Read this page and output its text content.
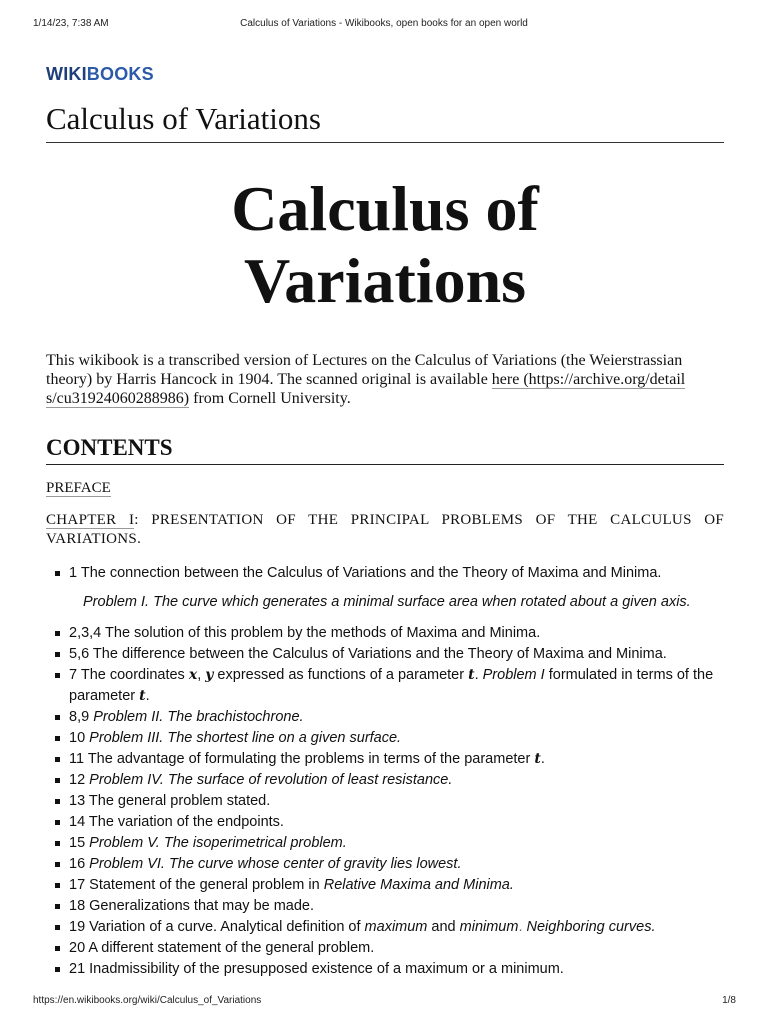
1/14/23, 7:38 AM	Calculus of Variations - Wikibooks, open books for an open world
WIKIBOOKS
Calculus of Variations
Calculus of
Variations

This wikibook is a transcribed version of Lectures on the Calculus of Variations (the Weierstrassian theory) by Harris Hancock in 1904. The scanned original is available here (https://archive.org/detail
s/cu31924060288986) from Cornell University.

CONTENTS
PREFACE
CHAPTER I: PRESENTATION OF THE PRINCIPAL PROBLEMS OF THE CALCULUS OF VARIATIONS.
1 The connection between the Calculus of Variations and the Theory of Maxima and Minima.
Problem I. The curve which generates a minimal surface area when rotated about a given axis.
2,3,4 The solution of this problem by the methods of Maxima and Minima.
5,6 The difference between the Calculus of Variations and the Theory of Maxima and Minima.
7 The coordinates x, y expressed as functions of a parameter t. Problem I formulated in terms of the parameter t.
8,9 Problem II. The brachistochrone.
10 Problem III. The shortest line on a given surface.
11 The advantage of formulating the problems in terms of the parameter t.
12 Problem IV. The surface of revolution of least resistance.
13 The general problem stated.
14 The variation of the endpoints.
15 Problem V. The isoperimetrical problem.
16 Problem VI. The curve whose center of gravity lies lowest.
17 Statement of the general problem in Relative Maxima and Minima.
18 Generalizations that may be made.
19 Variation of a curve. Analytical definition of maximum and minimum. Neighboring curves.
20 A different statement of the general problem.
21 Inadmissibility of the presupposed existence of a maximum or a minimum.
https://en.wikibooks.org/wiki/Calculus_of_Variations	1/8
